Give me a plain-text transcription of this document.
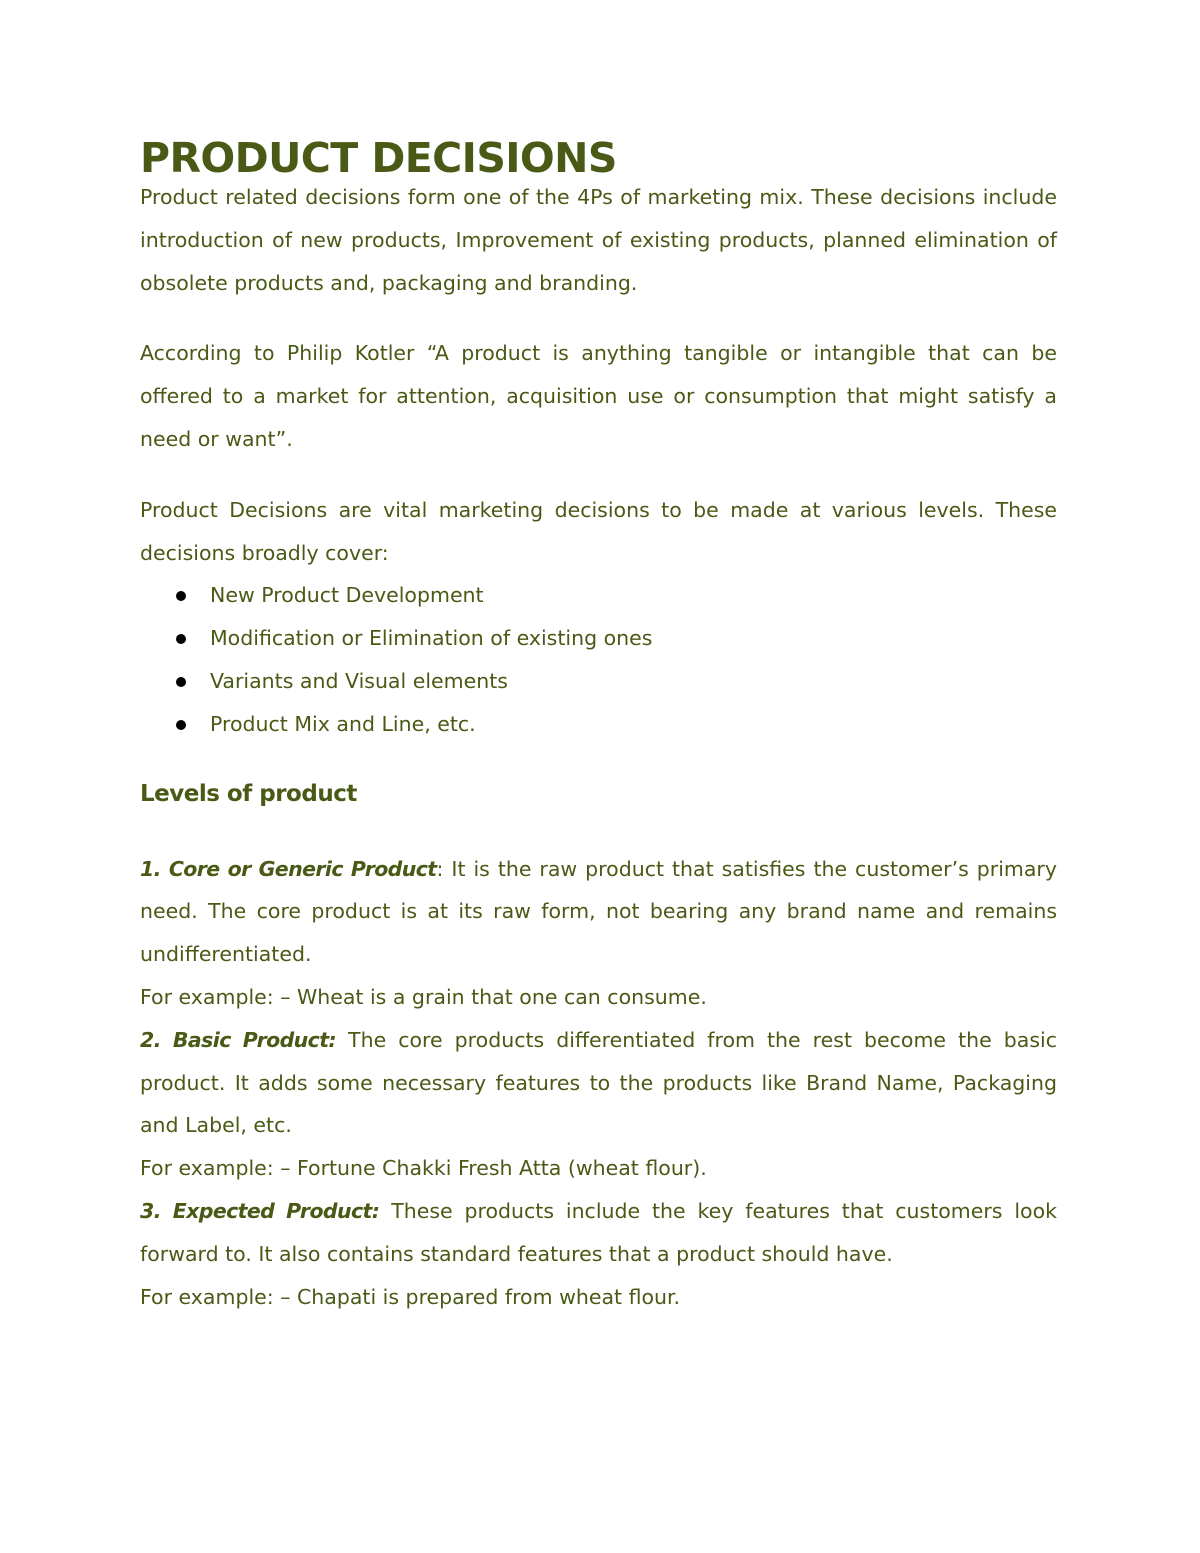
PRODUCT DECISIONS

Product related decisions form one of the 4Ps of marketing mix. These decisions include introduction of new products, Improvement of existing products, planned elimination of obsolete products and, packaging and branding.

According to Philip Kotler “A product is anything tangible or intangible that can be offered to a market for attention, acquisition use or consumption that might satisfy a need or want”.

Product Decisions are vital marketing decisions to be made at various levels. These decisions broadly cover:

New Product Development
Modification or Elimination of existing ones
Variants and Visual elements
Product Mix and Line, etc.
Levels of product

1. Core or Generic Product: It is the raw product that satisfies the customer’s primary need. The core product is at its raw form, not bearing any brand name and remains undifferentiated.

For example: – Wheat is a grain that one can consume.

2. Basic Product: The core products differentiated from the rest become the basic product. It adds some necessary features to the products like Brand Name, Packaging and Label, etc.

For example: – Fortune Chakki Fresh Atta (wheat flour).

3. Expected Product: These products include the key features that customers look forward to. It also contains standard features that a product should have.

For example: – Chapati is prepared from wheat flour.
